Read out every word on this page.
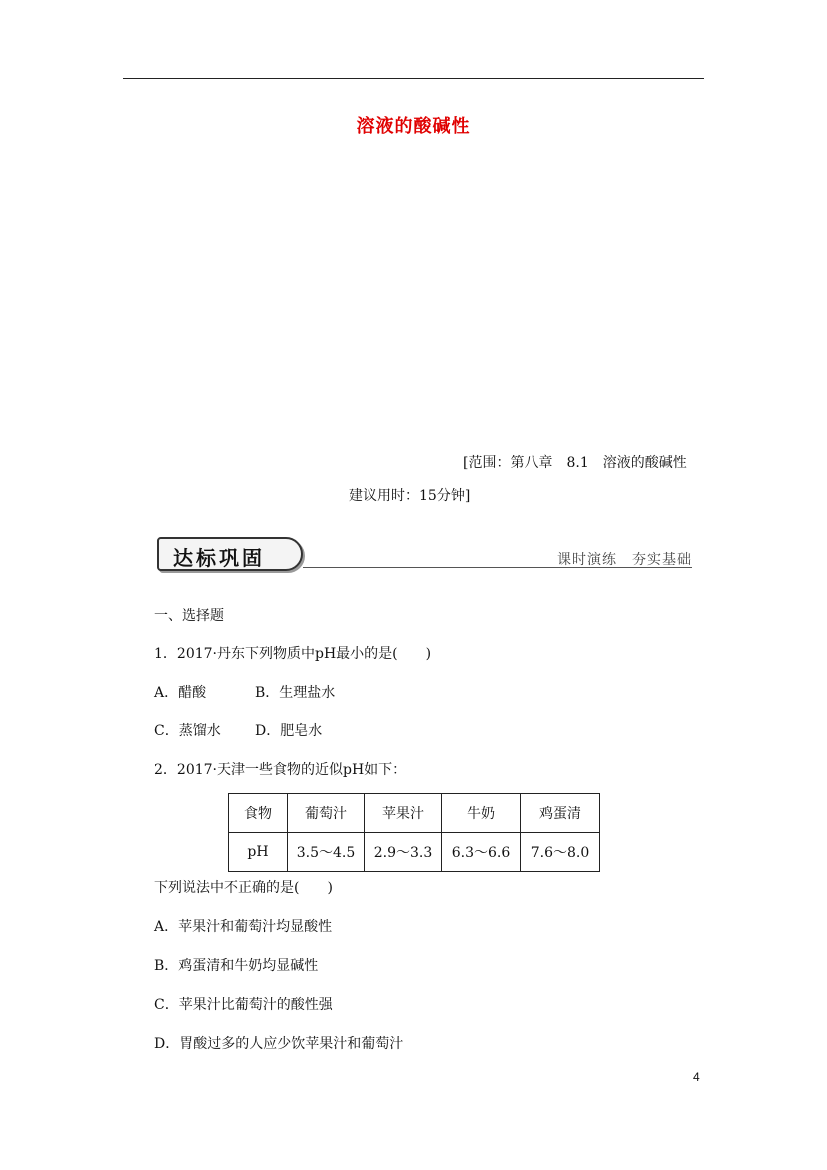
溶液的酸碱性
[范围：第八章　8.1　溶液的酸碱性
建议用时：15分钟]
达标巩固	课时演练　夯实基础
一、选择题
1．2017·丹东下列物质中pH最小的是(　　)
A．醋酸	B．生理盐水
C．蒸馏水 D．肥皂水
2．2017·天津一些食物的近似pH如下：
食物	葡萄汁	苹果汁	牛奶	鸡蛋清
pH	3.5～4.5	2.9～3.3	6.3～6.6	7.6～8.0
下列说法中不正确的是(　　)
A．苹果汁和葡萄汁均显酸性
B．鸡蛋清和牛奶均显碱性
C．苹果汁比葡萄汁的酸性强
D．胃酸过多的人应少饮苹果汁和葡萄汁
4
